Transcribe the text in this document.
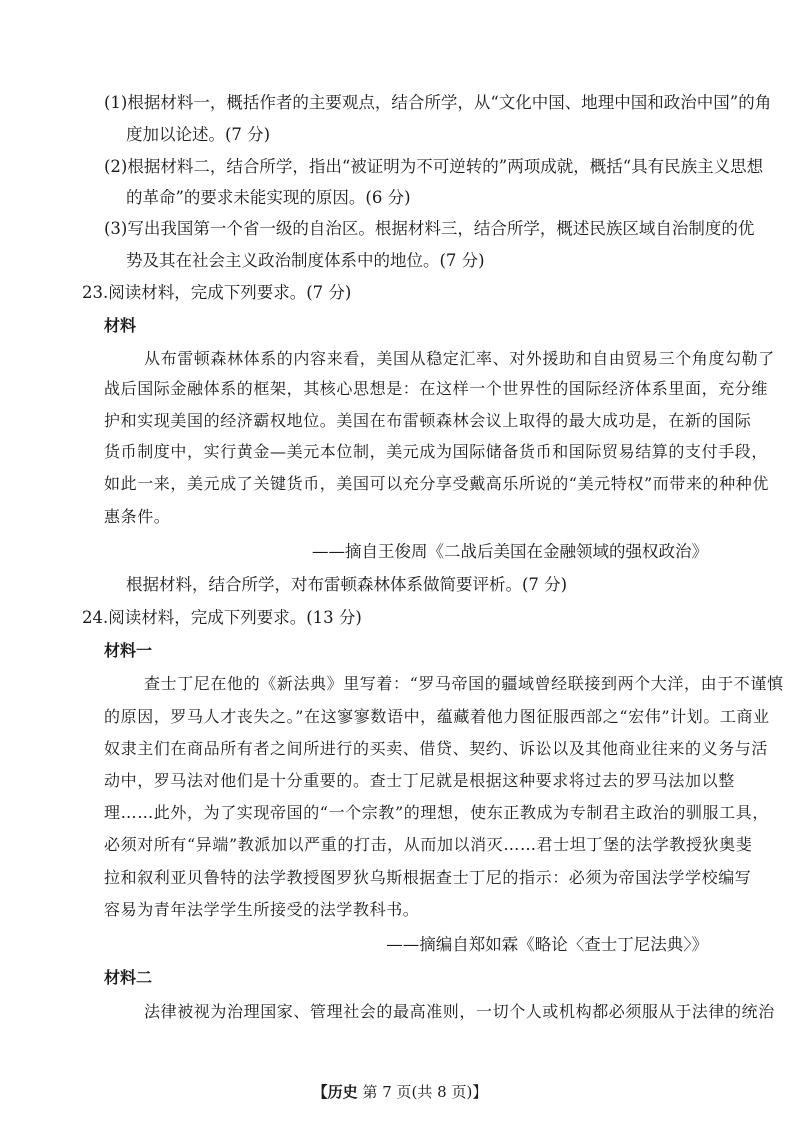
(1)根据材料一，概括作者的主要观点，结合所学，从“文化中国、地理中国和政治中国”的角
度加以论述。(7 分)
(2)根据材料二，结合所学，指出“被证明为不可逆转的”两项成就，概括“具有民族主义思想
的革命”的要求未能实现的原因。(6 分)
(3)写出我国第一个省一级的自治区。根据材料三，结合所学，概述民族区域自治制度的优
势及其在社会主义政治制度体系中的地位。(7 分)
23.阅读材料，完成下列要求。(7 分)
材料
从布雷顿森林体系的内容来看，美国从稳定汇率、对外援助和自由贸易三个角度勾勒了
战后国际金融体系的框架，其核心思想是：在这样一个世界性的国际经济体系里面，充分维
护和实现美国的经济霸权地位。美国在布雷顿森林会议上取得的最大成功是，在新的国际
货币制度中，实行黄金—美元本位制，美元成为国际储备货币和国际贸易结算的支付手段，
如此一来，美元成了关键货币，美国可以充分享受戴高乐所说的“美元特权”而带来的种种优
惠条件。
——摘自王俊周《二战后美国在金融领域的强权政治》
根据材料，结合所学，对布雷顿森林体系做简要评析。(7 分)
24.阅读材料，完成下列要求。(13 分)
材料一
查士丁尼在他的《新法典》里写着：“罗马帝国的疆域曾经联接到两个大洋，由于不谨慎
的原因，罗马人才丧失之。”在这寥寥数语中，蕴藏着他力图征服西部之“宏伟”计划。工商业
奴隶主们在商品所有者之间所进行的买卖、借贷、契约、诉讼以及其他商业往来的义务与活
动中，罗马法对他们是十分重要的。查士丁尼就是根据这种要求将过去的罗马法加以整
理……此外，为了实现帝国的“一个宗教”的理想，使东正教成为专制君主政治的驯服工具，
必须对所有“异端”教派加以严重的打击，从而加以消灭……君士坦丁堡的法学教授狄奥斐
拉和叙利亚贝鲁特的法学教授图罗狄乌斯根据查士丁尼的指示：必须为帝国法学学校编写
容易为青年法学学生所接受的法学教科书。
——摘编自郑如霖《略论〈查士丁尼法典〉》
材料二
法律被视为治理国家、管理社会的最高准则，一切个人或机构都必须服从于法律的统治
【历史 第 7 页(共 8 页)】
